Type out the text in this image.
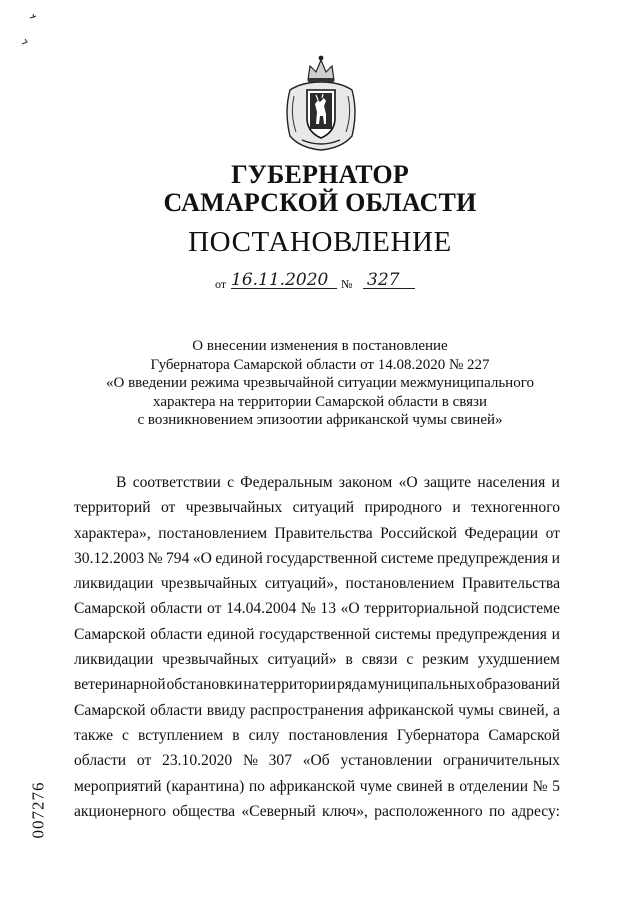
ГУБЕРНАТОР
САМАРСКОЙ ОБЛАСТИ
ПОСТАНОВЛЕНИЕ
от 16.11.2020 № 327
О внесении изменения в постановление
Губернатора Самарской области от 14.08.2020 № 227
«О введении режима чрезвычайной ситуации межмуниципального
характера на территории Самарской области в связи
с возникновением эпизоотии африканской чумы свиней»
В соответствии с Федеральным законом «О защите населения и
территорий от чрезвычайных ситуаций природного и техногенного
характера», постановлением Правительства Российской Федерации от
30.12.2003 № 794 «О единой государственной системе предупреждения и
ликвидации чрезвычайных ситуаций», постановлением Правительства
Самарской области от 14.04.2004 № 13 «О территориальной подсистеме
Самарской области единой государственной системы предупреждения и
ликвидации чрезвычайных ситуаций» в связи с резким ухудшением
ветеринарной обстановки на территории ряда муниципальных образований
Самарской области ввиду распространения африканской чумы свиней, а
также с вступлением в силу постановления Губернатора Самарской
области от 23.10.2020 № 307 «Об установлении ограничительных
мероприятий (карантина) по африканской чуме свиней в отделении № 5
акционерного общества «Северный ключ», расположенного по адресу:
007276
